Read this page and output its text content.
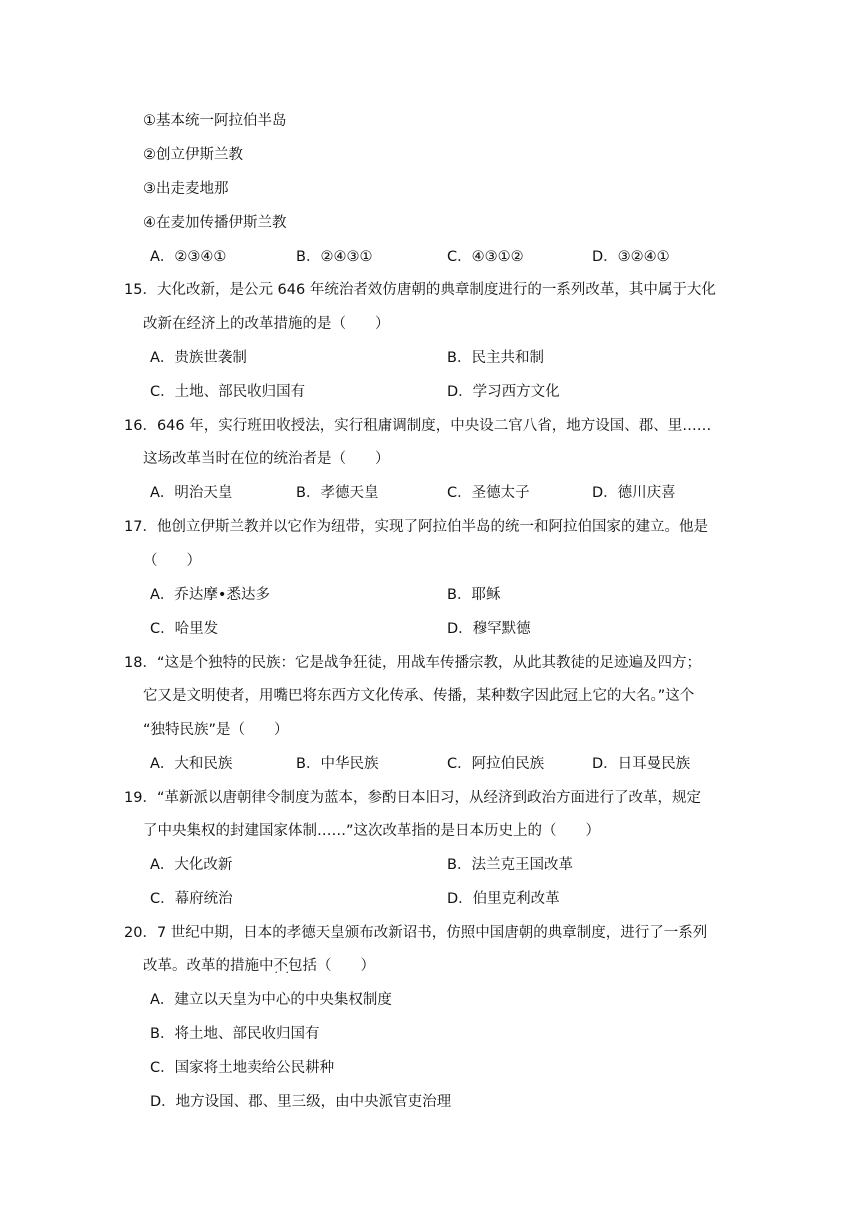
①基本统一阿拉伯半岛
②创立伊斯兰教
③出走麦地那
④在麦加传播伊斯兰教
A．②③④①	B．②④③①	C．④③①②	D．③②④①
15．大化改新，是公元 646 年统治者效仿唐朝的典章制度进行的一系列改革，其中属于大化
改新在经济上的改革措施的是（　　）
A．贵族世袭制	B．民主共和制
C．土地、部民收归国有	D．学习西方文化
16．646 年，实行班田收授法，实行租庸调制度，中央设二官八省，地方设国、郡、里……
这场改革当时在位的统治者是（　　）
A．明治天皇	B．孝德天皇	C．圣德太子	D．德川庆喜
17．他创立伊斯兰教并以它作为纽带，实现了阿拉伯半岛的统一和阿拉伯国家的建立。他是
（　　）
A．乔达摩•悉达多	B．耶稣
C．哈里发	D．穆罕默德
18．“这是个独特的民族：它是战争狂徒，用战车传播宗教，从此其教徒的足迹遍及四方；
它又是文明使者，用嘴巴将东西方文化传承、传播，某种数字因此冠上它的大名。”这个
“独特民族”是（　　）
A．大和民族	B．中华民族	C．阿拉伯民族	D．日耳曼民族
19．“革新派以唐朝律令制度为蓝本，参酌日本旧习，从经济到政治方面进行了改革，规定
了中央集权的封建国家体制……”这次改革指的是日本历史上的（　　）
A．大化改新	B．法兰克王国改革
C．幕府统治	D．伯里克利改革
20．7 世纪中期，日本的孝德天皇颁布改新诏书，仿照中国唐朝的典章制度，进行了一系列
改革。改革的措施中不包括 · ·（　　）
A．建立以天皇为中心的中央集权制度
B．将土地、部民收归国有
C．国家将土地卖给公民耕种
D．地方设国、郡、里三级，由中央派官吏治理
